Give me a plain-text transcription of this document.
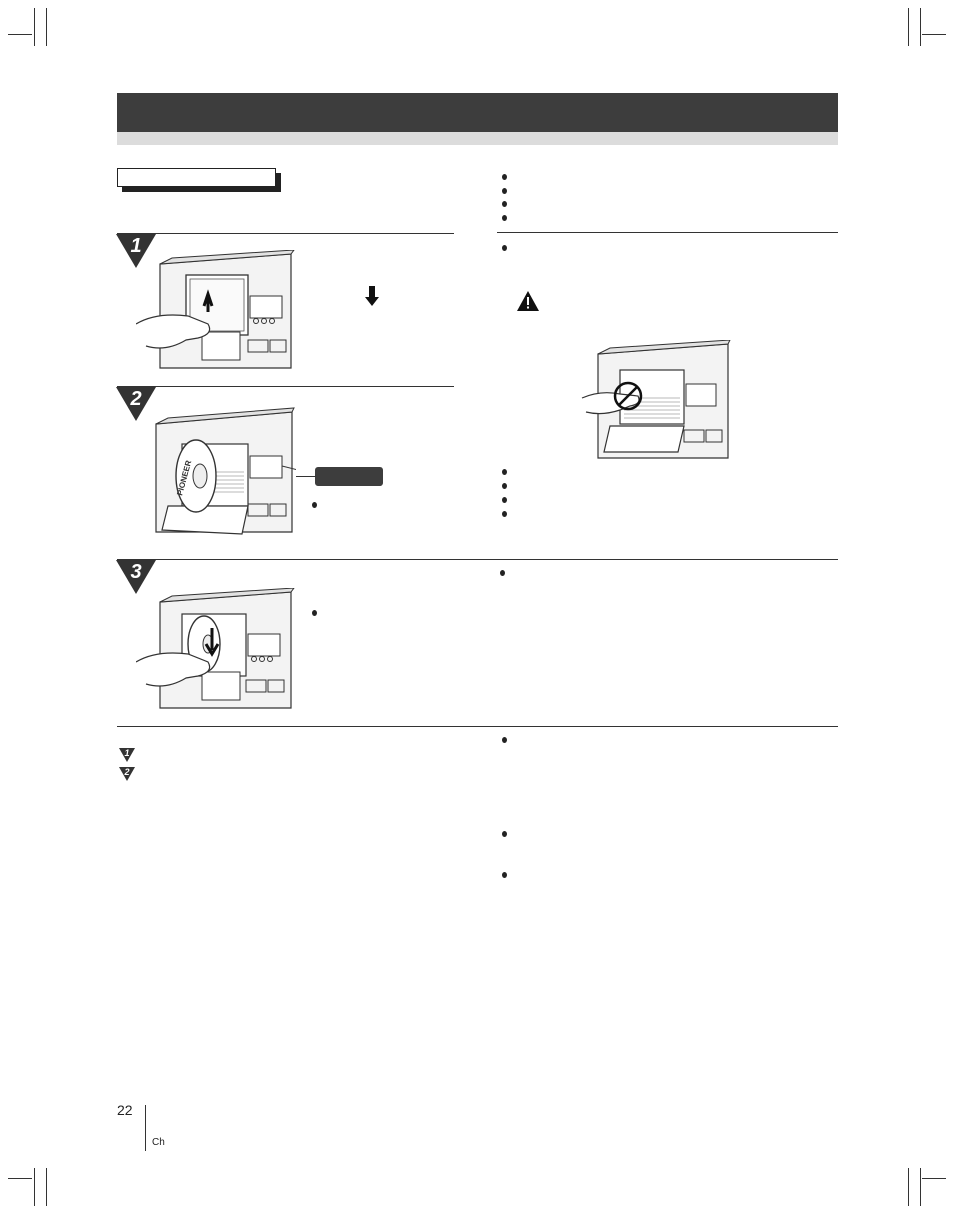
1
2
PIONEER
3
1
2
22
Ch
